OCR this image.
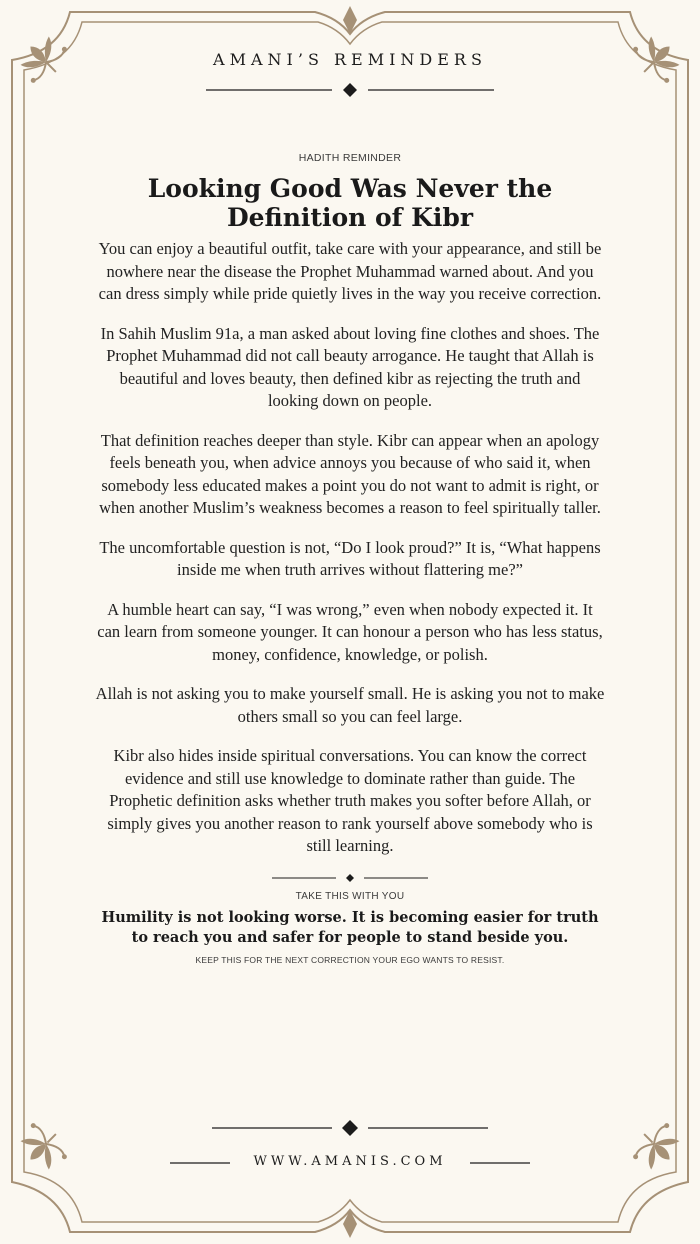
AMANI’S REMINDERS

HADITH REMINDER

Looking Good Was Never the Definition of Kibr

You can enjoy a beautiful outfit, take care with your appearance, and still be nowhere near the disease the Prophet Muhammad warned about. And you can dress simply while pride quietly lives in the way you receive correction.

In Sahih Muslim 91a, a man asked about loving fine clothes and shoes. The Prophet Muhammad did not call beauty arrogance. He taught that Allah is beautiful and loves beauty, then defined kibr as rejecting the truth and looking down on people.

That definition reaches deeper than style. Kibr can appear when an apology feels beneath you, when advice annoys you because of who said it, when somebody less educated makes a point you do not want to admit is right, or when another Muslim’s weakness becomes a reason to feel spiritually taller.

The uncomfortable question is not, “Do I look proud?” It is, “What happens inside me when truth arrives without flattering me?”

A humble heart can say, “I was wrong,” even when nobody expected it. It can learn from someone younger. It can honour a person who has less status, money, confidence, knowledge, or polish.

Allah is not asking you to make yourself small. He is asking you not to make others small so you can feel large.

Kibr also hides inside spiritual conversations. You can know the correct evidence and still use knowledge to dominate rather than guide. The Prophetic definition asks whether truth makes you softer before Allah, or simply gives you another reason to rank yourself above somebody who is still learning.

TAKE THIS WITH YOU

Humility is not looking worse. It is becoming easier for truth to reach you and safer for people to stand beside you.

KEEP THIS FOR THE NEXT CORRECTION YOUR EGO WANTS TO RESIST.

WWW.AMANIS.COM
